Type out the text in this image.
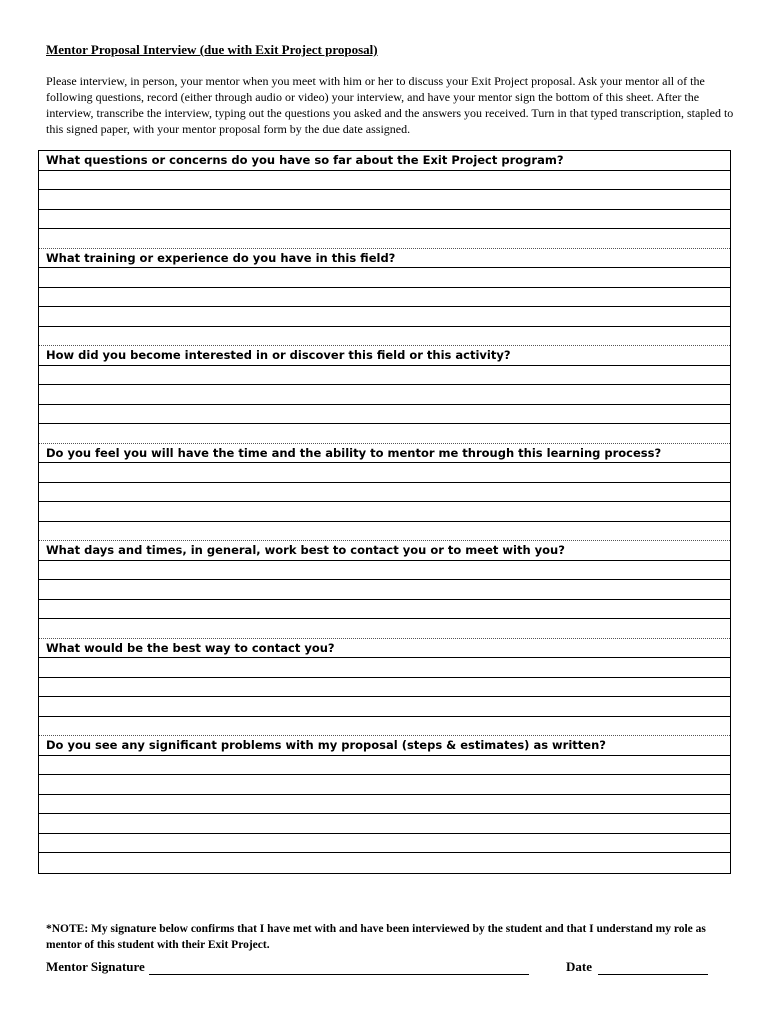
Mentor Proposal Interview (due with Exit Project proposal)
Please interview, in person, your mentor when you meet with him or her to discuss your Exit Project proposal. Ask your mentor all of the following questions, record (either through audio or video) your interview, and have your mentor sign the bottom of this sheet. After the interview, transcribe the interview, typing out the questions you asked and the answers you received. Turn in that typed transcription, stapled to this signed paper, with your mentor proposal form by the due date assigned.
What questions or concerns do you have so far about the Exit Project program?
What training or experience do you have in this field?
How did you become interested in or discover this field or this activity?
Do you feel you will have the time and the ability to mentor me through this learning process?
What days and times, in general, work best to contact you or to meet with you?
What would be the best way to contact you?
Do you see any significant problems with my proposal (steps & estimates) as written?
*NOTE: My signature below confirms that I have met with and have been interviewed by the student and that I understand my role as mentor of this student with their Exit Project.
Mentor Signature	Date
